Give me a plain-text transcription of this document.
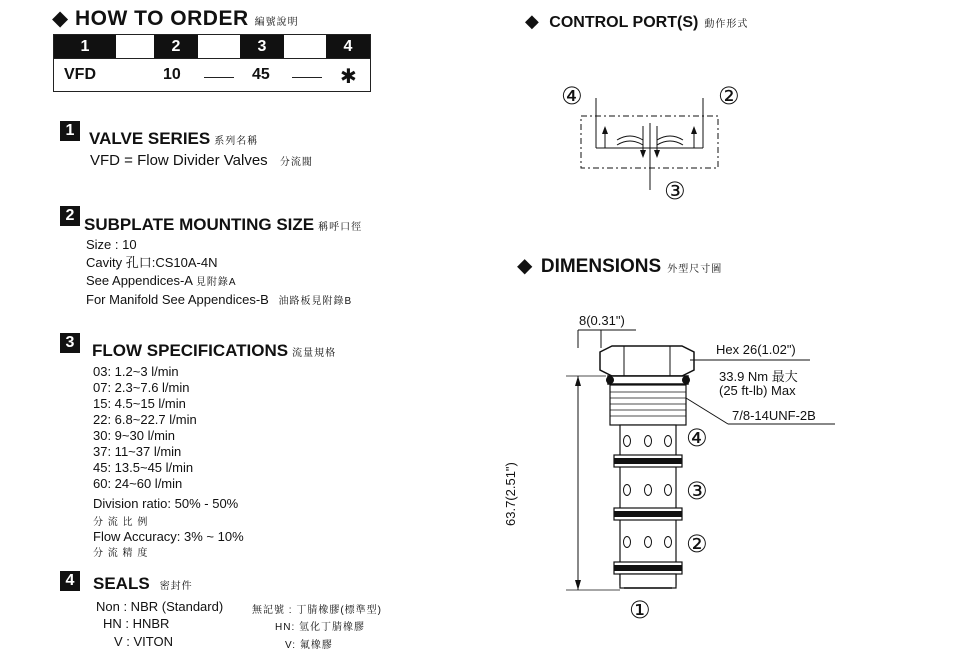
◆ HOW TO ORDER 編號說明
1	2	3	4
VFD	10	45	✱
1 VALVE SERIES 系列名稱
VFD = Flow Divider Valves 分流閥
2 SUBPLATE MOUNTING SIZE 稱呼口徑
Size : 10
Cavity 孔口:CS10A-4N
See Appendices-A 見附錄A
For Manifold See Appendices-B 油路板見附錄B
3	FLOW SPECIFICATIONS 流量規格
03: 1.2~3 l/min
07: 2.3~7.6 l/min
15: 4.5~15 l/min
22: 6.8~22.7 l/min
30: 9~30 l/min
37: 11~37 l/min
45: 13.5~45 l/min
60: 24~60 l/min
Division ratio: 50% - 50%
分 流 比 例
Flow Accuracy: 3% ~ 10%
分 流 精 度
4	SEALS 密封件
Non : NBR (Standard)	無記號 : 丁腈橡膠(標準型)
HN : HNBR	HN: 氫化丁腈橡膠
V : VITON	V: 氟橡膠
◆ CONTROL PORT(S) 動作形式
④	②
③
◆ DIMENSIONS 外型尺寸圖
8(0.31")
Hex 26(1.02")
33.9 Nm 最大
(25 ft-lb) Max
7/8-14UNF-2B
63.7(2.51")
④
③
②
①
